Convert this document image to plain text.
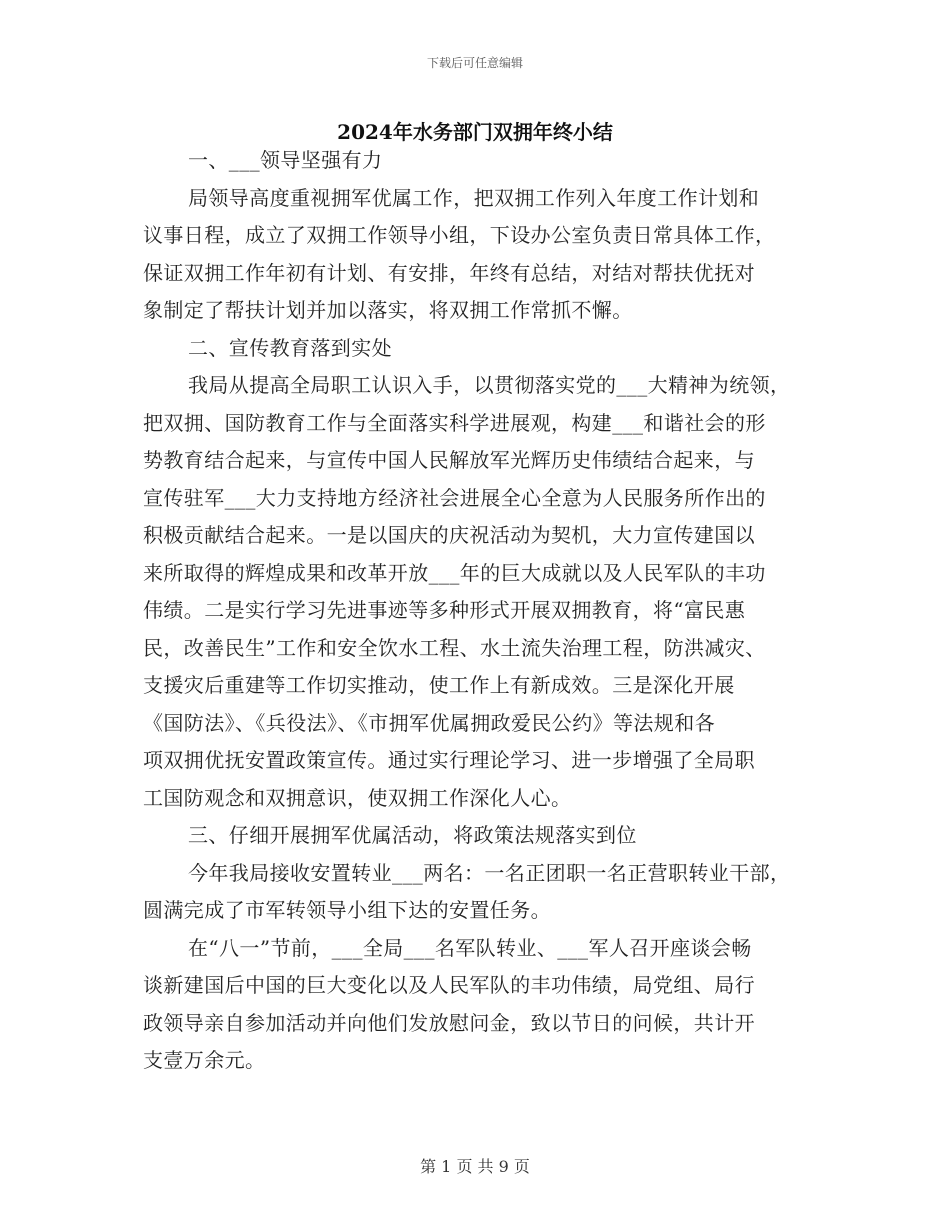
下载后可任意编辑
2024年水务部门双拥年终小结
一、___领导坚强有力
局领导高度重视拥军优属工作，把双拥工作列入年度工作计划和
议事日程，成立了双拥工作领导小组，下设办公室负责日常具体工作，
保证双拥工作年初有计划、有安排，年终有总结，对结对帮扶优抚对
象制定了帮扶计划并加以落实，将双拥工作常抓不懈。
二、宣传教育落到实处
我局从提高全局职工认识入手，以贯彻落实党的___大精神为统领，
把双拥、国防教育工作与全面落实科学进展观，构建___和谐社会的形
势教育结合起来，与宣传中国人民解放军光辉历史伟绩结合起来，与
宣传驻军___大力支持地方经济社会进展全心全意为人民服务所作出的
积极贡献结合起来。一是以国庆的庆祝活动为契机，大力宣传建国以
来所取得的辉煌成果和改革开放___年的巨大成就以及人民军队的丰功
伟绩。二是实行学习先进事迹等多种形式开展双拥教育，将“富民惠
民，改善民生”工作和安全饮水工程、水土流失治理工程，防洪减灾、
支援灾后重建等工作切实推动，使工作上有新成效。三是深化开展
《国防法》、《兵役法》、《市拥军优属拥政爱民公约》等法规和各
项双拥优抚安置政策宣传。通过实行理论学习、进一步增强了全局职
工国防观念和双拥意识，使双拥工作深化人心。
三、仔细开展拥军优属活动，将政策法规落实到位
今年我局接收安置转业___两名：一名正团职一名正营职转业干部，
圆满完成了市军转领导小组下达的安置任务。
在“八一”节前，___全局___名军队转业、___军人召开座谈会畅
谈新建国后中国的巨大变化以及人民军队的丰功伟绩，局党组、局行
政领导亲自参加活动并向他们发放慰问金，致以节日的问候，共计开
支壹万余元。
第 1 页 共 9 页
